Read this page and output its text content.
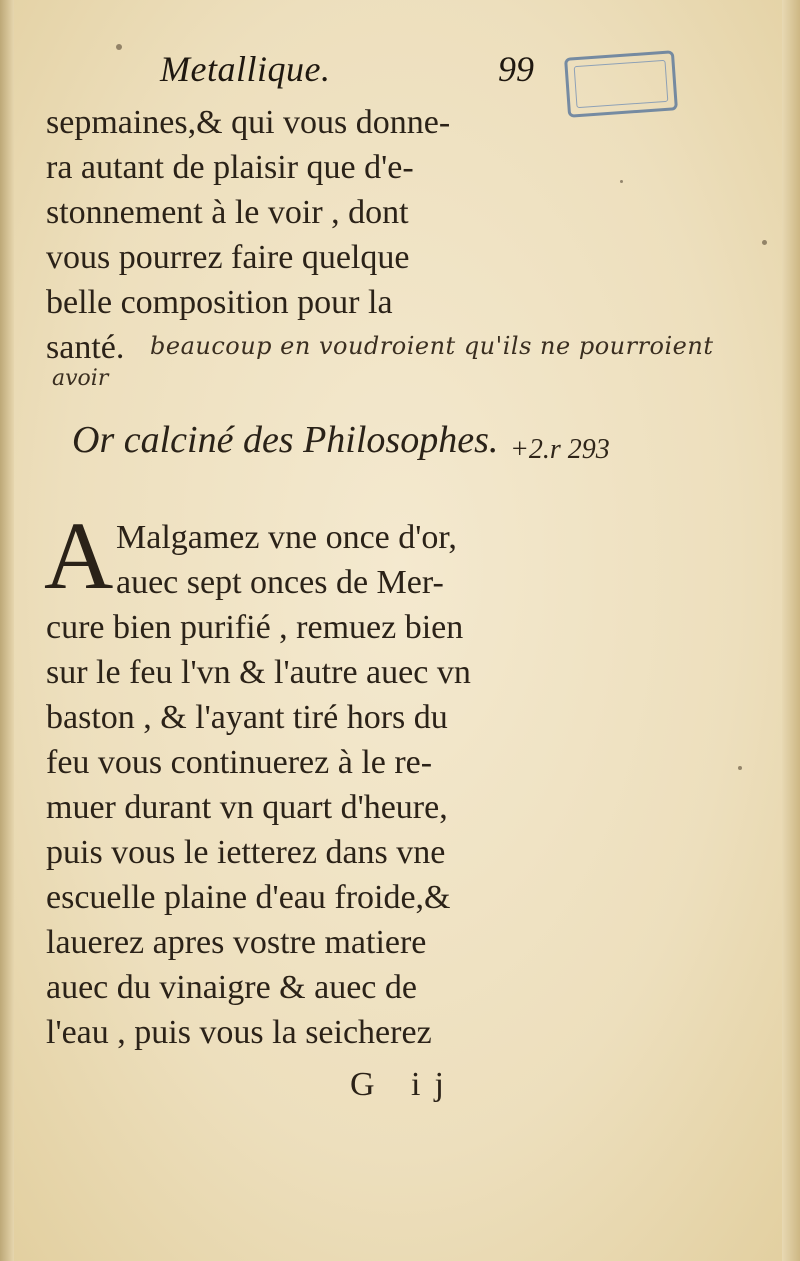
Metallique.	99
sepmaines,& qui vous donne-
ra autant de plaisir que d'e-
stonnement à le voir , dont
vous pourrez faire quelque
belle composition pour la
santé.	beaucoup en voudroient qu'ils ne pourroient
avoir
Or calciné des Philosophes. +2.r 293
A Malgamez vne once d'or,
auec sept onces de Mer-
cure bien purifié , remuez bien
sur le feu l'vn & l'autre auec vn
baston , & l'ayant tiré hors du
feu vous continuerez à le re-
muer durant vn quart d'heure,
puis vous le ietterez dans vne
escuelle plaine d'eau froide,&
lauerez apres vostre matiere
auec du vinaigre & auec de
l'eau , puis vous la seicherez
G ij
